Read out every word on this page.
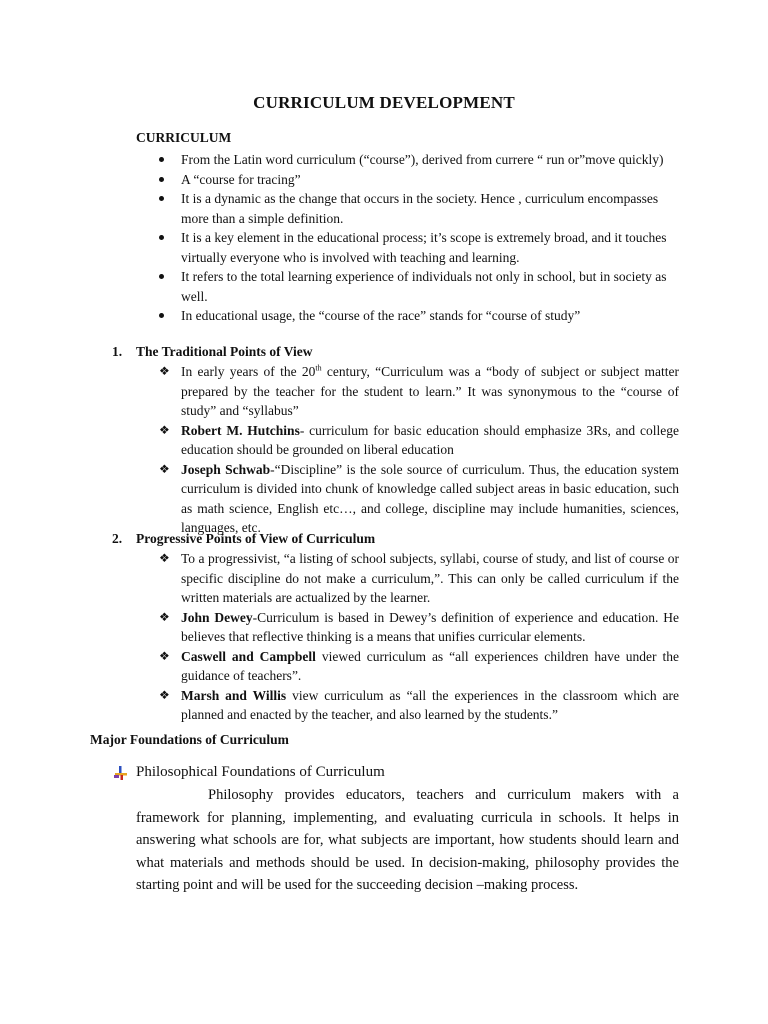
CURRICULUM DEVELOPMENT
CURRICULUM
From the Latin word curriculum (“course”), derived from currere “ run or”move quickly)
A “course for tracing”
It is a dynamic as the change that occurs in the society. Hence , curriculum encompasses more than a simple definition.
It is a key element in the educational process; it’s scope is extremely broad, and it touches virtually everyone who is involved with teaching and learning.
It refers to the total learning experience of individuals not only in school, but in society as well.
In educational usage, the “course of the race” stands for “course of study”
1. The Traditional Points of View
❖ In early years of the 20th century, “Curriculum was a “body of subject or subject matter prepared by the teacher for the student to learn.” It was synonymous to the “course of study” and “syllabus”
❖ Robert M. Hutchins- curriculum for basic education should emphasize 3Rs, and college education should be grounded on liberal education
❖ Joseph Schwab-“Discipline” is the sole source of curriculum. Thus, the education system curriculum is divided into chunk of knowledge called subject areas in basic education, such as math science, English etc…, and college, discipline may include humanities, sciences, languages, etc.
2. Progressive Points of View of Curriculum
❖ To a progressivist, “a listing of school subjects, syllabi, course of study, and list of course or specific discipline do not make a curriculum,”. This can only be called curriculum if the written materials are actualized by the learner.
❖ John Dewey-Curriculum is based in Dewey’s definition of experience and education. He believes that reflective thinking is a means that unifies curricular elements.
❖ Caswell and Campbell viewed curriculum as “all experiences children have under the guidance of teachers”.
❖ Marsh and Willis view curriculum as “all the experiences in the classroom which are planned and enacted by the teacher, and also learned by the students.”
Major Foundations of Curriculum
Philosophical Foundations of Curriculum

Philosophy provides educators, teachers and curriculum makers with a framework for planning, implementing, and evaluating curricula in schools. It helps in answering what schools are for, what subjects are important, how students should learn and what materials and methods should be used. In decision-making, philosophy provides the starting point and will be used for the succeeding decision –making process.
